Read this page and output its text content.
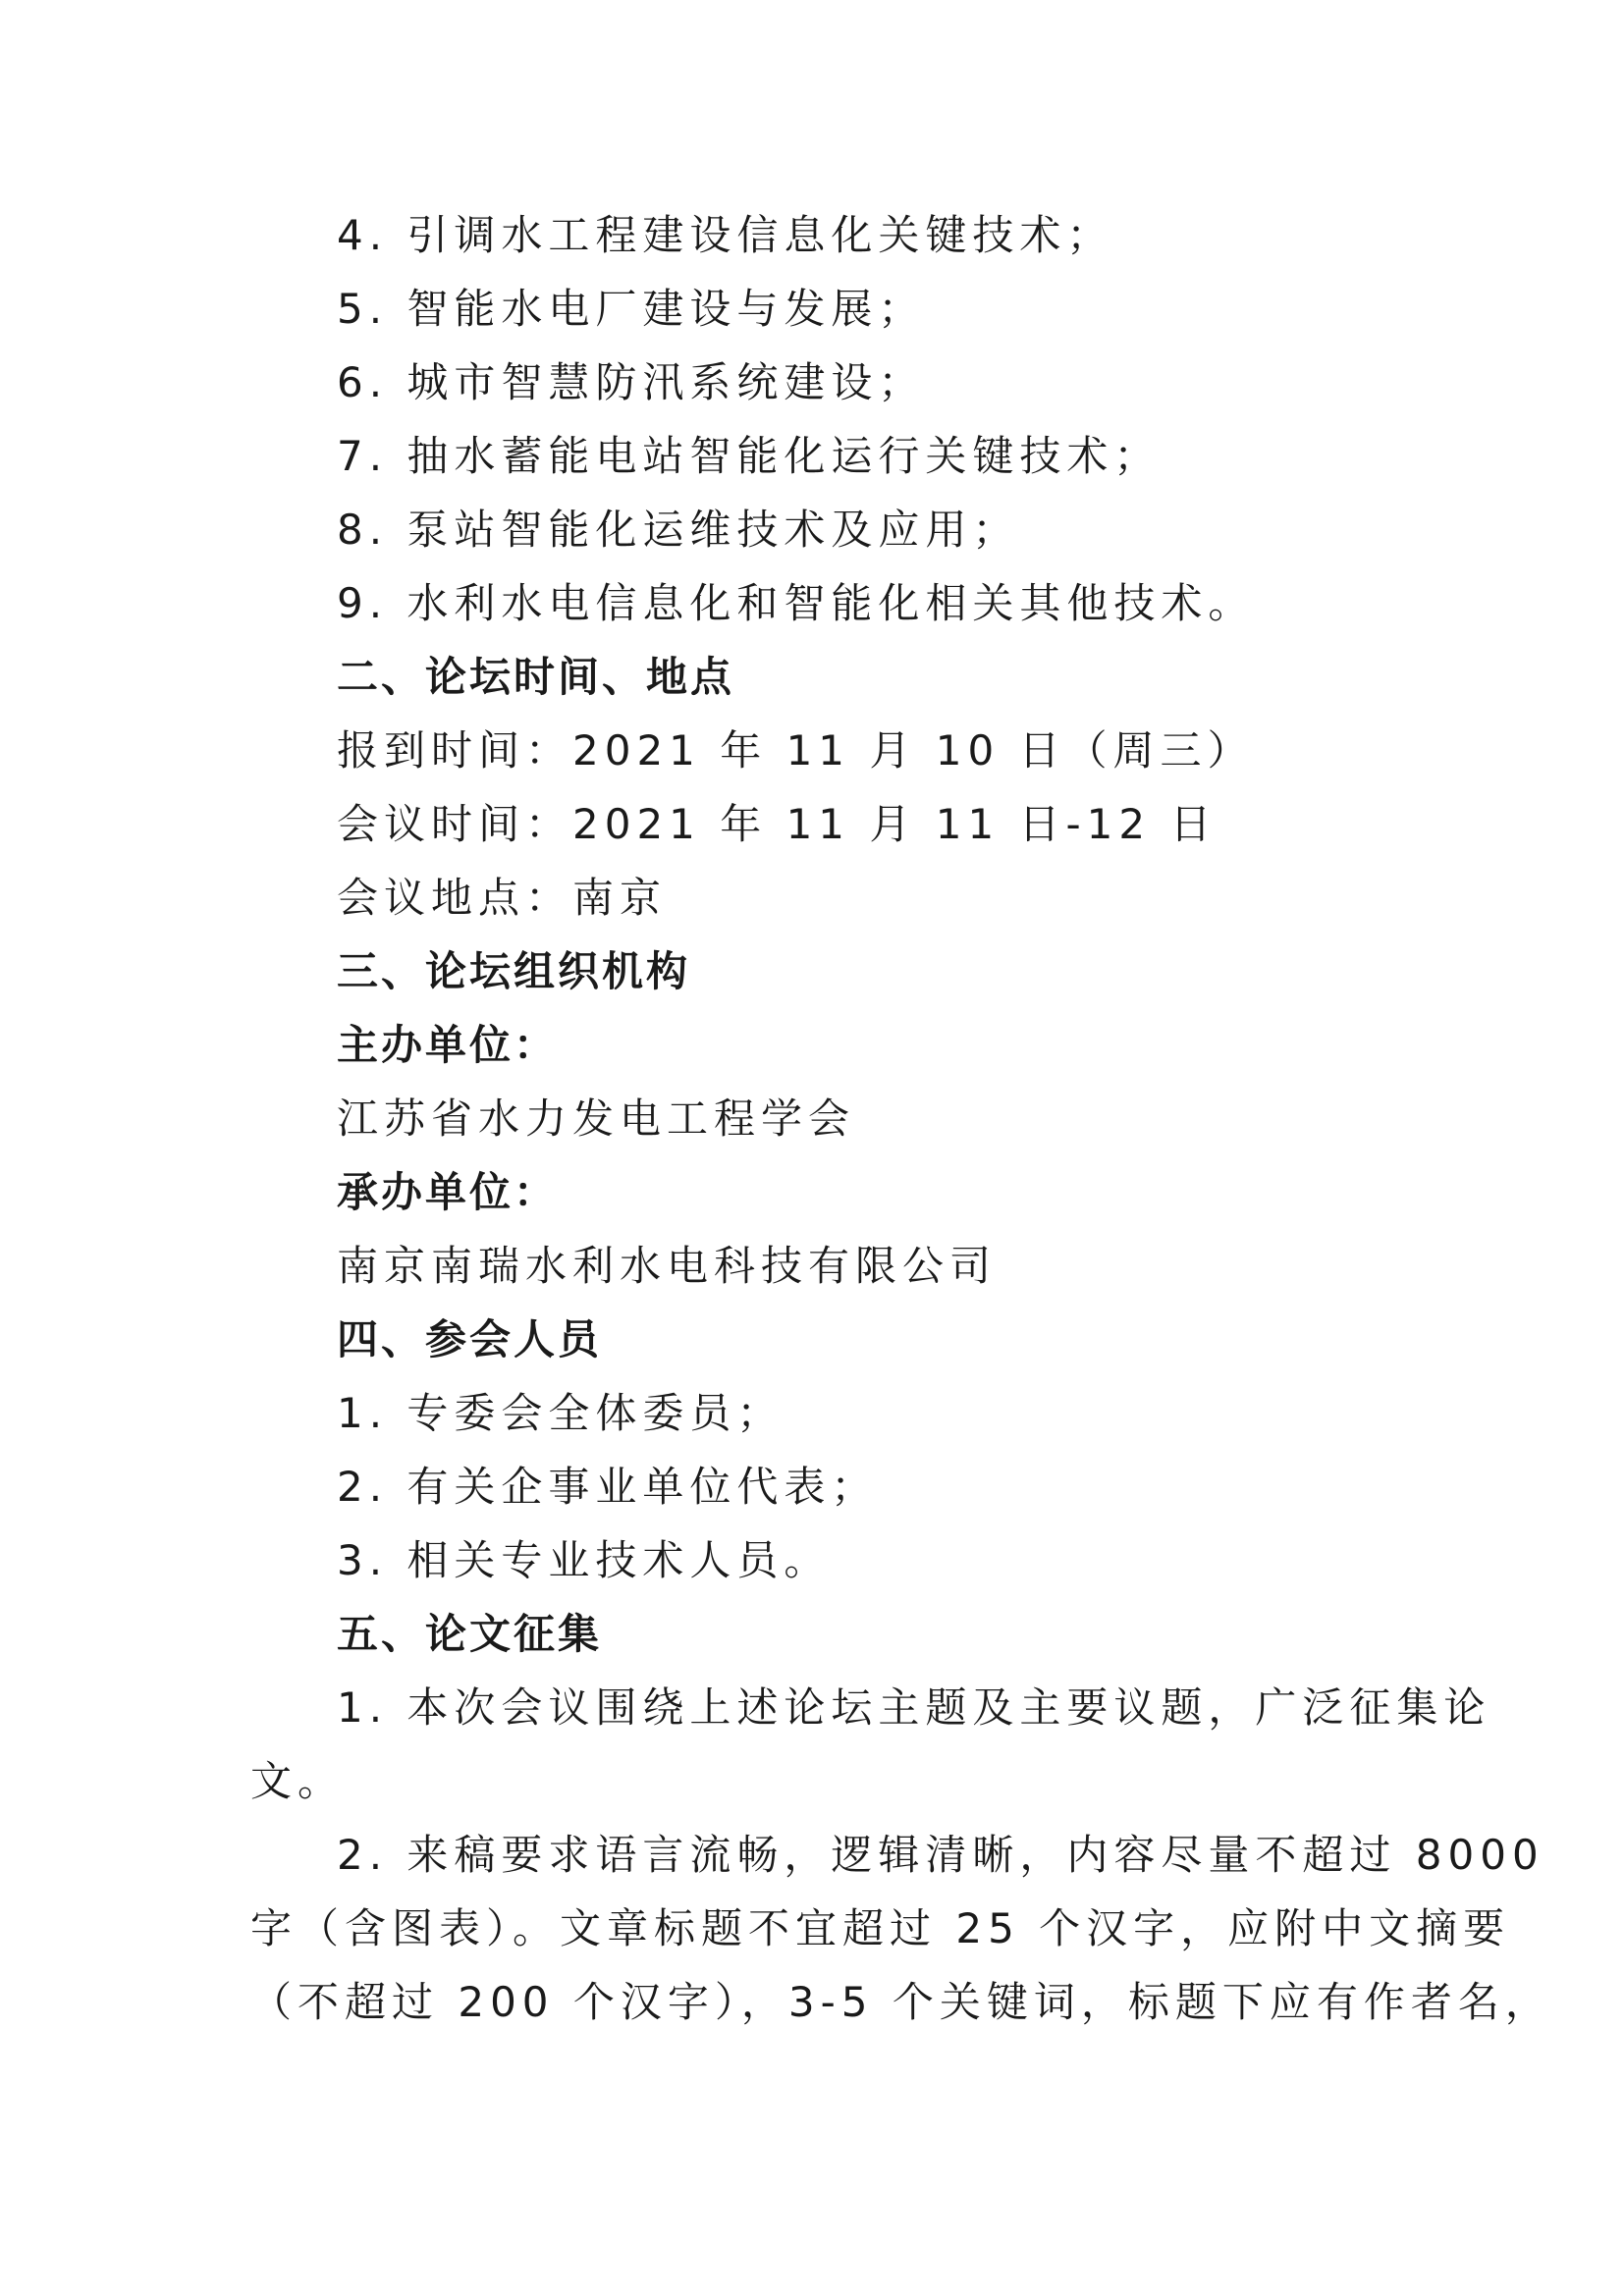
4. 引调水工程建设信息化关键技术；
5. 智能水电厂建设与发展；
6. 城市智慧防汛系统建设；
7. 抽水蓄能电站智能化运行关键技术；
8. 泵站智能化运维技术及应用；
9. 水利水电信息化和智能化相关其他技术。
二、论坛时间、地点
报到时间：2021 年 11 月 10 日（周三）
会议时间：2021 年 11 月 11 日-12 日
会议地点：南京
三、论坛组织机构
主办单位：
江苏省水力发电工程学会
承办单位：
南京南瑞水利水电科技有限公司
四、参会人员
1. 专委会全体委员；
2. 有关企事业单位代表；
3. 相关专业技术人员。
五、论文征集
1. 本次会议围绕上述论坛主题及主要议题，广泛征集论
文。
2. 来稿要求语言流畅，逻辑清晰，内容尽量不超过 8000
字（含图表）。文章标题不宜超过 25 个汉字，应附中文摘要
（不超过 200 个汉字），3-5 个关键词，标题下应有作者名，
